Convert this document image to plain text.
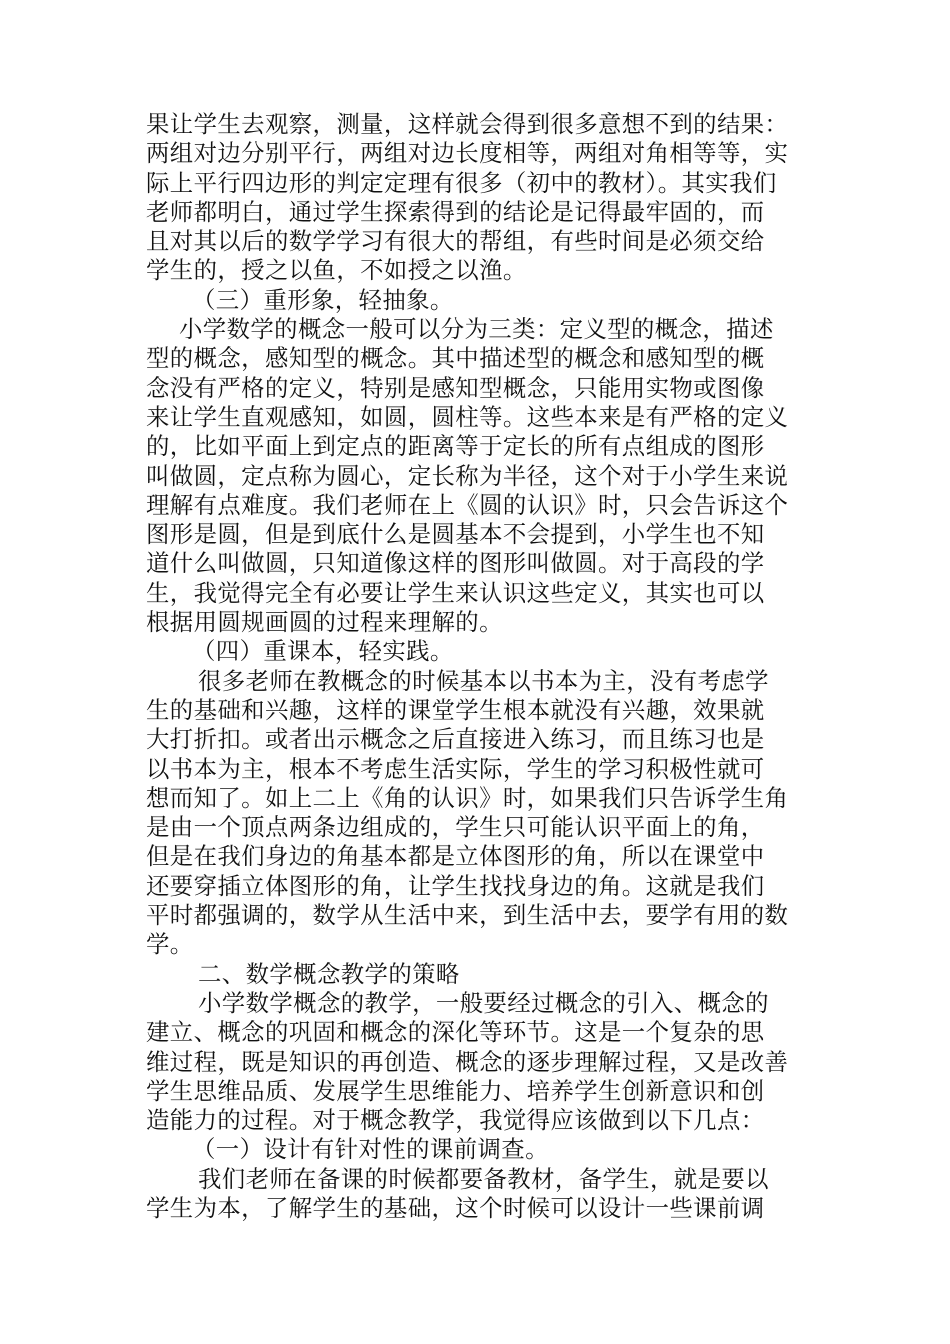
果让学生去观察，测量，这样就会得到很多意想不到的结果：
两组对边分别平行，两组对边长度相等，两组对角相等等，实
际上平行四边形的判定定理有很多（初中的教材）。其实我们
老师都明白，通过学生探索得到的结论是记得最牢固的，而
且对其以后的数学学习有很大的帮组，有些时间是必须交给
学生的，授之以鱼，不如授之以渔。
（三）重形象，轻抽象。
小学数学的概念一般可以分为三类：定义型的概念，描述
型的概念，感知型的概念。其中描述型的概念和感知型的概
念没有严格的定义，特别是感知型概念，只能用实物或图像
来让学生直观感知，如圆，圆柱等。这些本来是有严格的定义
的，比如平面上到定点的距离等于定长的所有点组成的图形
叫做圆，定点称为圆心，定长称为半径，这个对于小学生来说
理解有点难度。我们老师在上《圆的认识》时，只会告诉这个
图形是圆，但是到底什么是圆基本不会提到，小学生也不知
道什么叫做圆，只知道像这样的图形叫做圆。对于高段的学
生，我觉得完全有必要让学生来认识这些定义，其实也可以
根据用圆规画圆的过程来理解的。
（四）重课本，轻实践。
很多老师在教概念的时候基本以书本为主，没有考虑学
生的基础和兴趣，这样的课堂学生根本就没有兴趣，效果就
大打折扣。或者出示概念之后直接进入练习，而且练习也是
以书本为主，根本不考虑生活实际，学生的学习积极性就可
想而知了。如上二上《角的认识》时，如果我们只告诉学生角
是由一个顶点两条边组成的，学生只可能认识平面上的角，
但是在我们身边的角基本都是立体图形的角，所以在课堂中
还要穿插立体图形的角，让学生找找身边的角。这就是我们
平时都强调的，数学从生活中来，到生活中去，要学有用的数
学。
二、数学概念教学的策略
小学数学概念的教学，一般要经过概念的引入、概念的
建立、概念的巩固和概念的深化等环节。这是一个复杂的思
维过程，既是知识的再创造、概念的逐步理解过程，又是改善
学生思维品质、发展学生思维能力、培养学生创新意识和创
造能力的过程。对于概念教学，我觉得应该做到以下几点：
（一）设计有针对性的课前调查。
我们老师在备课的时候都要备教材，备学生，就是要以
学生为本，了解学生的基础，这个时候可以设计一些课前调
